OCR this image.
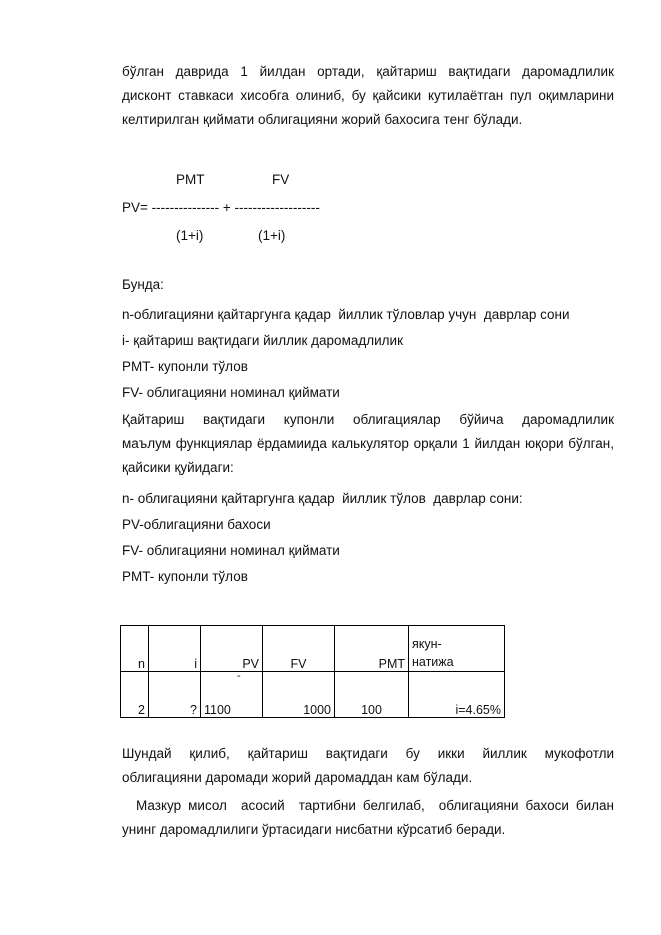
бўлган даврида 1 йилдан ортади, қайтариш вақтидаги даромадлилик
дисконт ставкаси хисобга олиниб, бу қайсики кутилаётган пул оқимларини
келтирилган қиймати облигацияни жорий бахосига тенг бўлади.

PMT	FV
PV= --------------- + -------------------
(1+i)	(1+i)
Бунда:
n-облигацияни қайтаргунга қадар  йиллик тўловлар учун  даврлар сони
i- қайтариш вақтидаги йиллик даромадлилик
PMT- купонли тўлов
FV- облигацияни номинал қиймати

Қайтариш вақтидаги купонли облигациялар бўйича даромадлилик
маълум функциялар ёрдамиида калькулятор орқали 1 йилдан юқори бўлган,
қайсики қуйидаги:

n- облигацияни қайтаргунга қадар  йиллик тўлов  даврлар сони:
PV-облигацияни бахоси
FV- облигацияни номинал қиймати
PMT- купонли тўлов
n	i	PV	FV	PMT	якун-
натижа

2	?	1100	1000	100	i=4.65%
-

Шундай қилиб, қайтариш вақтидаги бу икки йиллик мукофотли
облигацияни даромади жорий даромаддан кам бўлади.

Мазкур мисол  асосий  тартибни белгилаб,  облигацияни бахоси билан
унинг даромадлилиги ўртасидаги нисбатни кўрсатиб беради.
